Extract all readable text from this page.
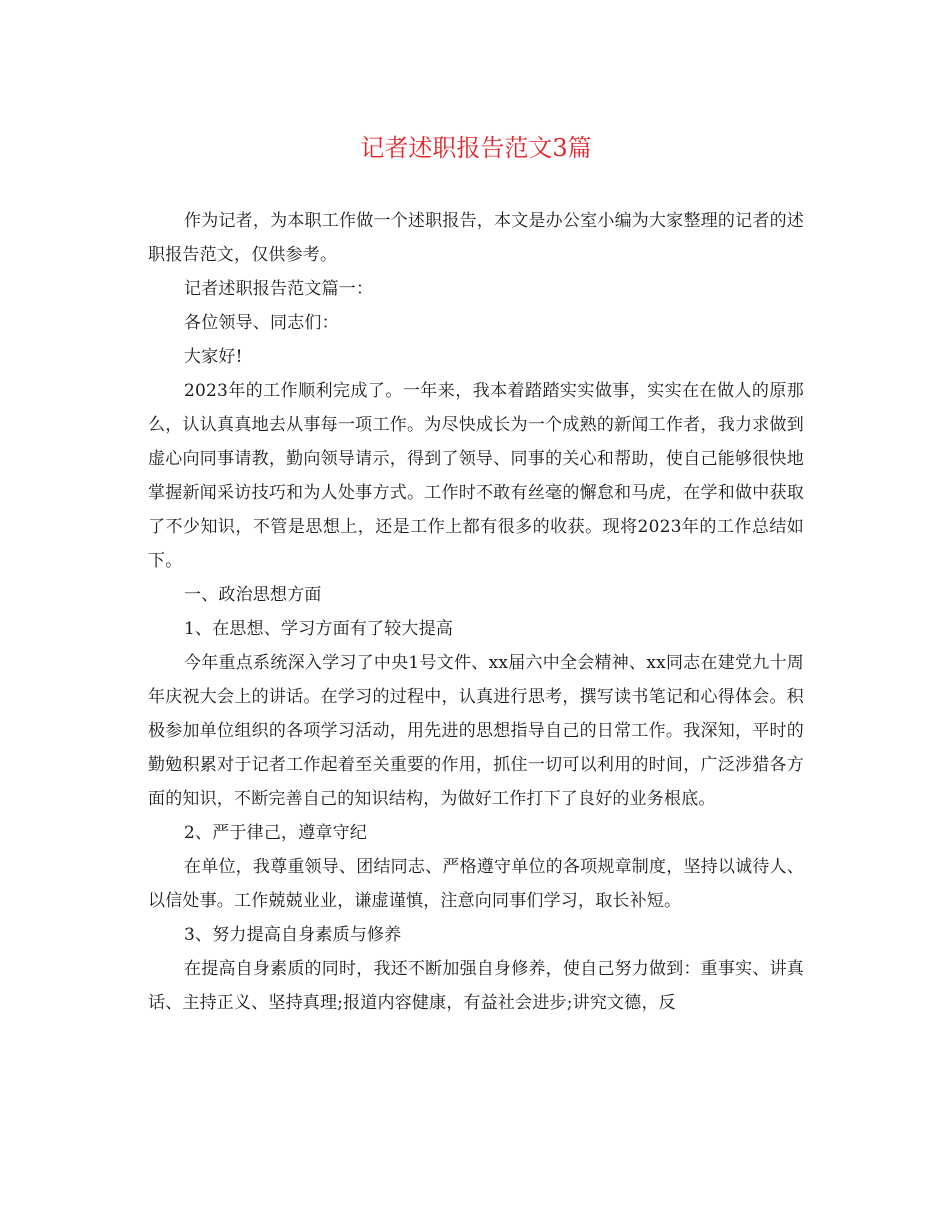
记者述职报告范文3篇

作为记者，为本职工作做一个述职报告，本文是办公室小编为大家整理的记者的述职报告范文，仅供参考。

记者述职报告范文篇一：

各位领导、同志们：

大家好!

2023年的工作顺利完成了。一年来，我本着踏踏实实做事，实实在在做人的原那么，认认真真地去从事每一项工作。为尽快成长为一个成熟的新闻工作者，我力求做到虚心向同事请教，勤向领导请示，得到了领导、同事的关心和帮助，使自己能够很快地掌握新闻采访技巧和为人处事方式。工作时不敢有丝毫的懈怠和马虎，在学和做中获取了不少知识，不管是思想上，还是工作上都有很多的收获。现将2023年的工作总结如下。

一、政治思想方面

1、在思想、学习方面有了较大提高

今年重点系统深入学习了中央1号文件、xx届六中全会精神、xx同志在建党九十周年庆祝大会上的讲话。在学习的过程中，认真进行思考，撰写读书笔记和心得体会。积极参加单位组织的各项学习活动，用先进的思想指导自己的日常工作。我深知，平时的勤勉积累对于记者工作起着至关重要的作用，抓住一切可以利用的时间，广泛涉猎各方面的知识，不断完善自己的知识结构，为做好工作打下了良好的业务根底。

2、严于律己，遵章守纪

在单位，我尊重领导、团结同志、严格遵守单位的各项规章制度，坚持以诚待人、以信处事。工作兢兢业业，谦虚谨慎，注意向同事们学习，取长补短。

3、努力提高自身素质与修养

在提高自身素质的同时，我还不断加强自身修养，使自己努力做到：重事实、讲真话、主持正义、坚持真理;报道内容健康，有益社会进步;讲究文德，反
